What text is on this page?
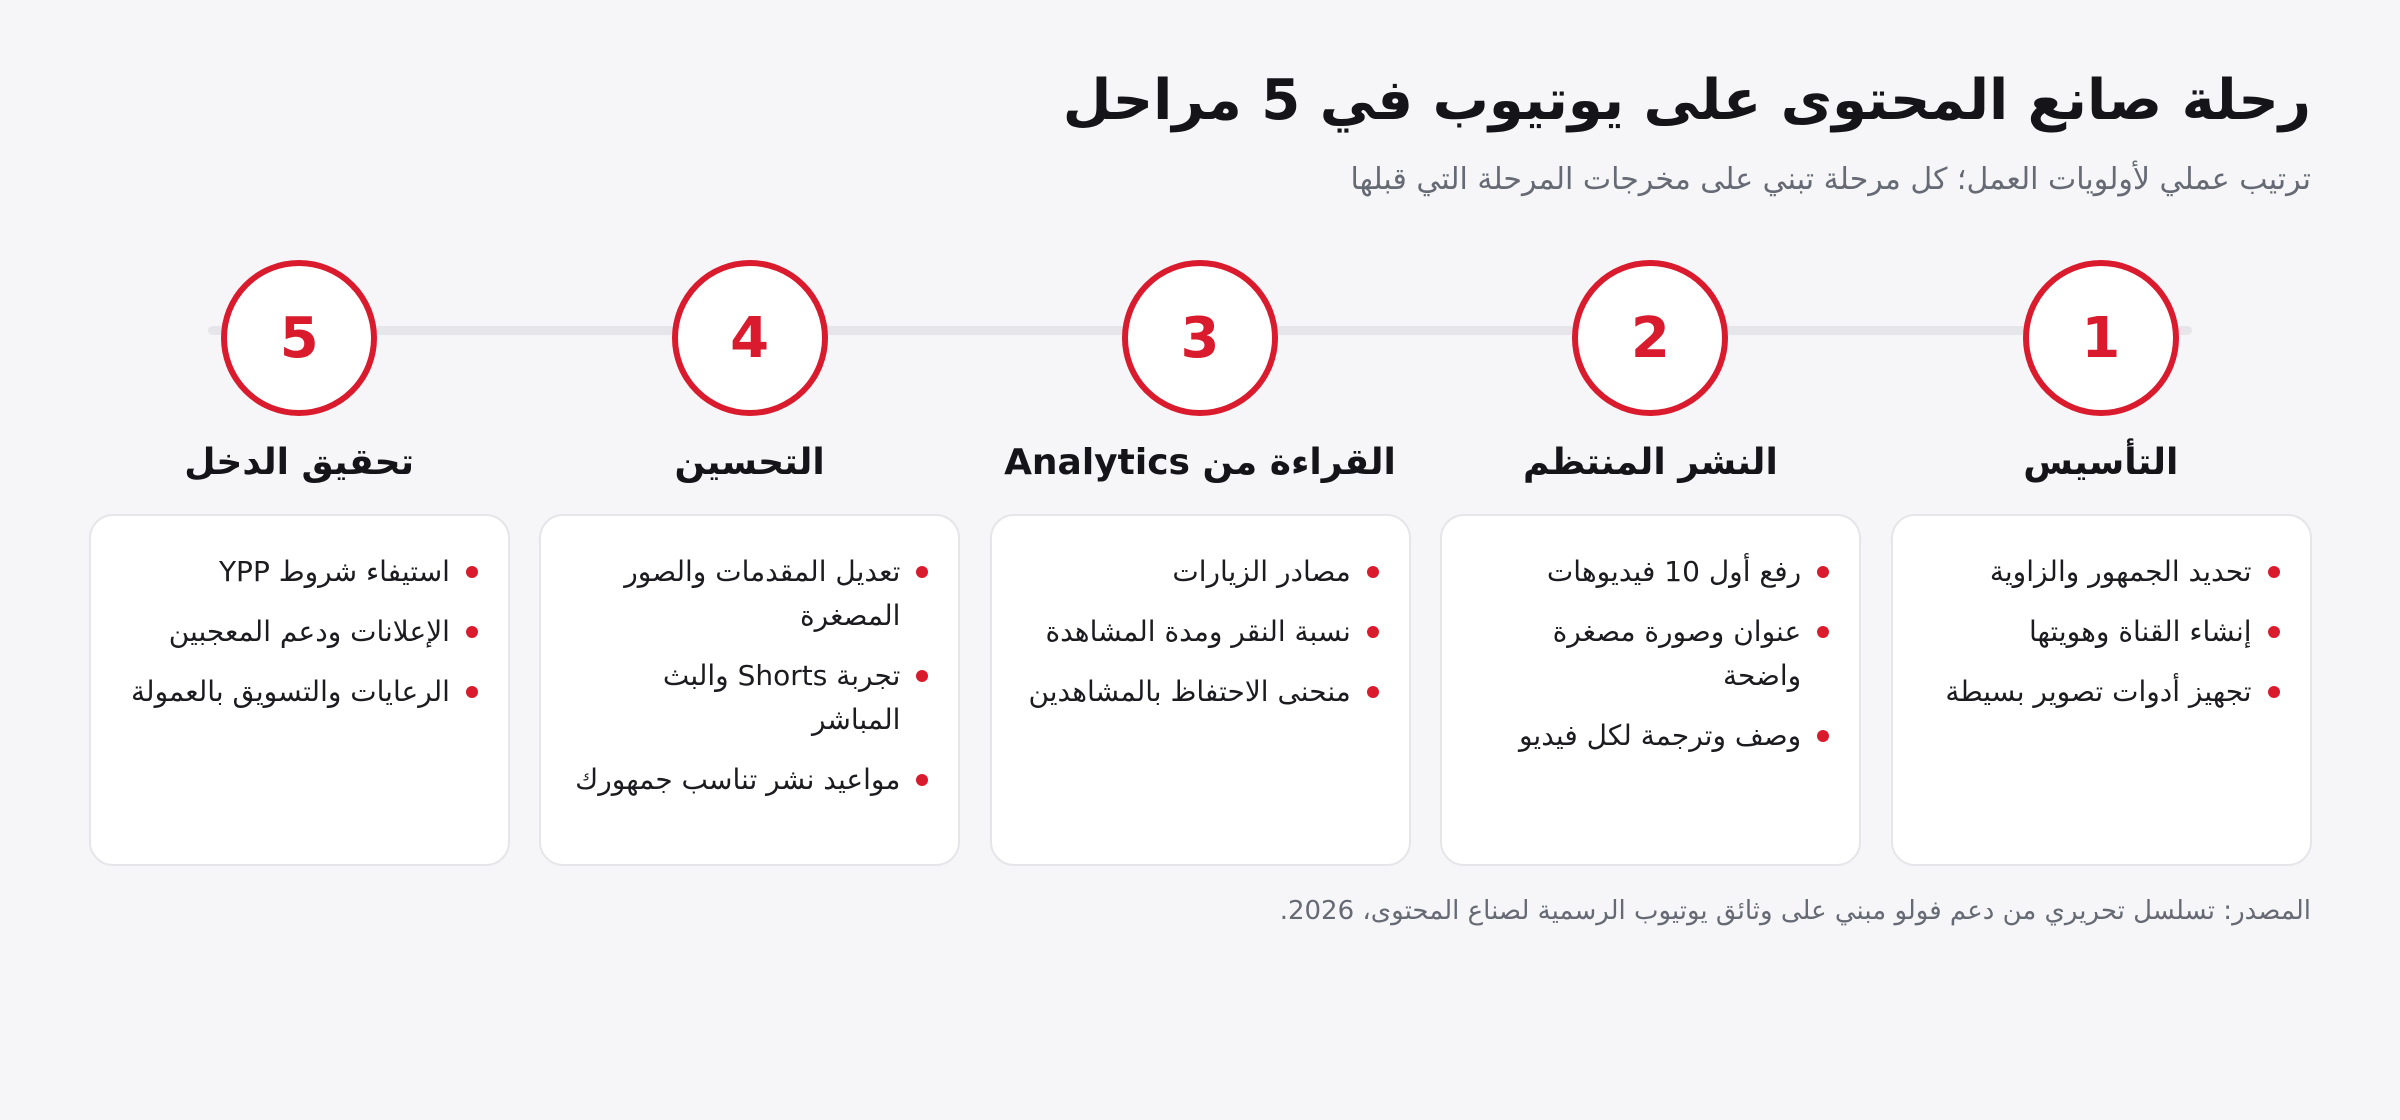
رحلة صانع المحتوى على يوتيوب في 5 مراحل
ترتيب عملي لأولويات العمل؛ كل مرحلة تبني على مخرجات المرحلة التي قبلها
1
التأسيس
تحديد الجمهور والزاوية
إنشاء القناة وهويتها
تجهيز أدوات تصوير بسيطة
2
النشر المنتظم
رفع أول 10 فيديوهات
عنوان وصورة مصغرة واضحة
وصف وترجمة لكل فيديو
3
القراءة من Analytics
مصادر الزيارات
نسبة النقر ومدة المشاهدة
منحنى الاحتفاظ بالمشاهدين
4
التحسين
تعديل المقدمات والصور المصغرة
تجربة Shorts والبث المباشر
مواعيد نشر تناسب جمهورك
5
تحقيق الدخل
استيفاء شروط YPP
الإعلانات ودعم المعجبين
الرعايات والتسويق بالعمولة
المصدر: تسلسل تحريري من دعم فولو مبني على وثائق يوتيوب الرسمية لصناع المحتوى، 2026.
